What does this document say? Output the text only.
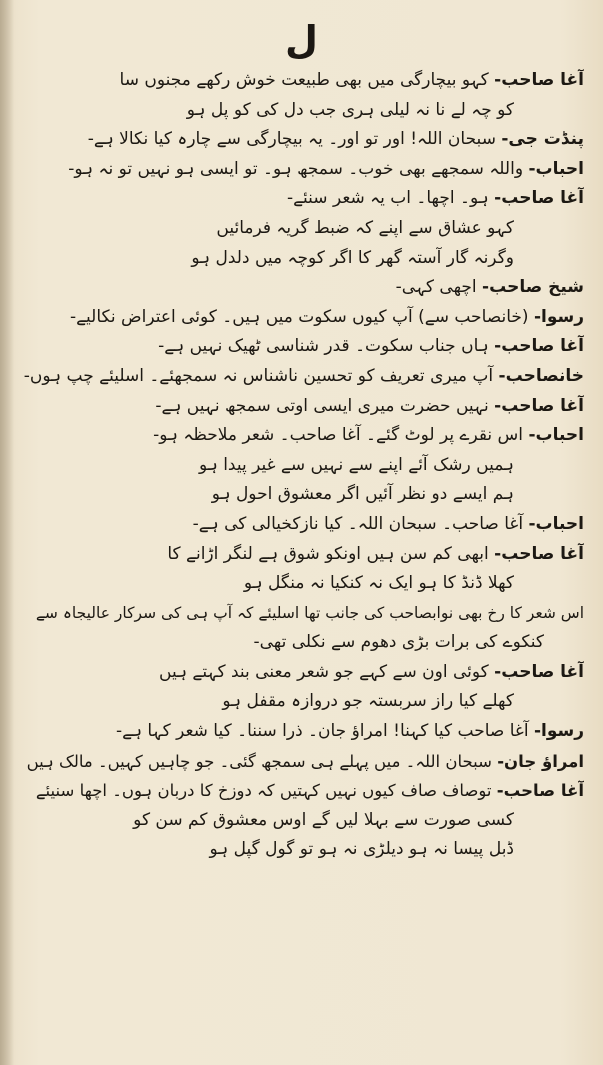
ل
آغا صاحب- کہو بیچارگی میں بھی طبیعت خوش رکھے مجنوں سا
کو چہ لے نا نہ لیلی ہری جب دل کی کو پل ہو
پنڈت جی- سبحان اللہ! اور تو اور۔ یہ بیچارگی سے چارہ کیا نکالا ہے-
احباب- واللہ سمجھے بھی خوب۔ سمجھ ہو۔ تو ایسی ہو نہیں تو نہ ہو-
آغا صاحب- ہو۔ اچھا۔ اب یہ شعر سنئے-
کہو عشاق سے اپنے کہ ضبط گریہ فرمائیں
وگرنہ گار آستہ گھر کا اگر کوچہ میں دلدل ہو
شیخ صاحب- اچھی کہی-
رسوا- (خانصاحب سے) آپ کیوں سکوت میں ہیں۔ کوئی اعتراض نکالیے-
آغا صاحب- ہاں جناب سکوت۔ قدر شناسی ٹھیک نہیں ہے-
خانصاحب- آپ میری تعریف کو تحسین ناشناس نہ سمجھئے۔ اسلیئے چپ ہوں-
آغا صاحب- نہیں حضرت میری ایسی اوتی سمجھ نہیں ہے-
احباب- اس نقرے پر لوٹ گئے۔ آغا صاحب۔ شعر ملاحظہ ہو-
ہمیں رشک آئے اپنے سے نہیں سے غیر پیدا ہو
ہم ایسے دو نظر آئیں اگر معشوق احول ہو
احباب- آغا صاحب۔ سبحان اللہ۔ کیا نازکخیالی کی ہے-
آغا صاحب- ابھی کم سن ہیں اونکو شوق ہے لنگر اڑانے کا
کھلا ڈنڈ کا ہو ایک نہ کنکیا نہ منگل ہو
اس شعر کا رخ بھی نوابصاحب کی جانب تھا اسلیئے کہ آپ ہی کی سرکار عالیجاہ سے
کنکوے کی برات بڑی دھوم سے نکلی تھی-
آغا صاحب- کوئی اون سے کہے جو شعر معنی بند کہتے ہیں
کھلے کیا راز سربستہ جو دروازہ مقفل ہو
رسوا- آغا صاحب کیا کہنا! امراؤ جان۔ ذرا سننا۔ کیا شعر کہا ہے-
امراؤ جان- سبحان اللہ۔ میں پہلے ہی سمجھ گئی۔ جو چاہیں کہیں۔ مالک ہیں
آغا صاحب- توصاف صاف کیوں نہیں کہتیں کہ دوزخ کا دربان ہوں۔ اچھا سنیئے
کسی صورت سے بہلا لیں گے اوس معشوق کم سن کو
ڈبل پیسا نہ ہو دیلڑی نہ ہو تو گول گپل ہو
